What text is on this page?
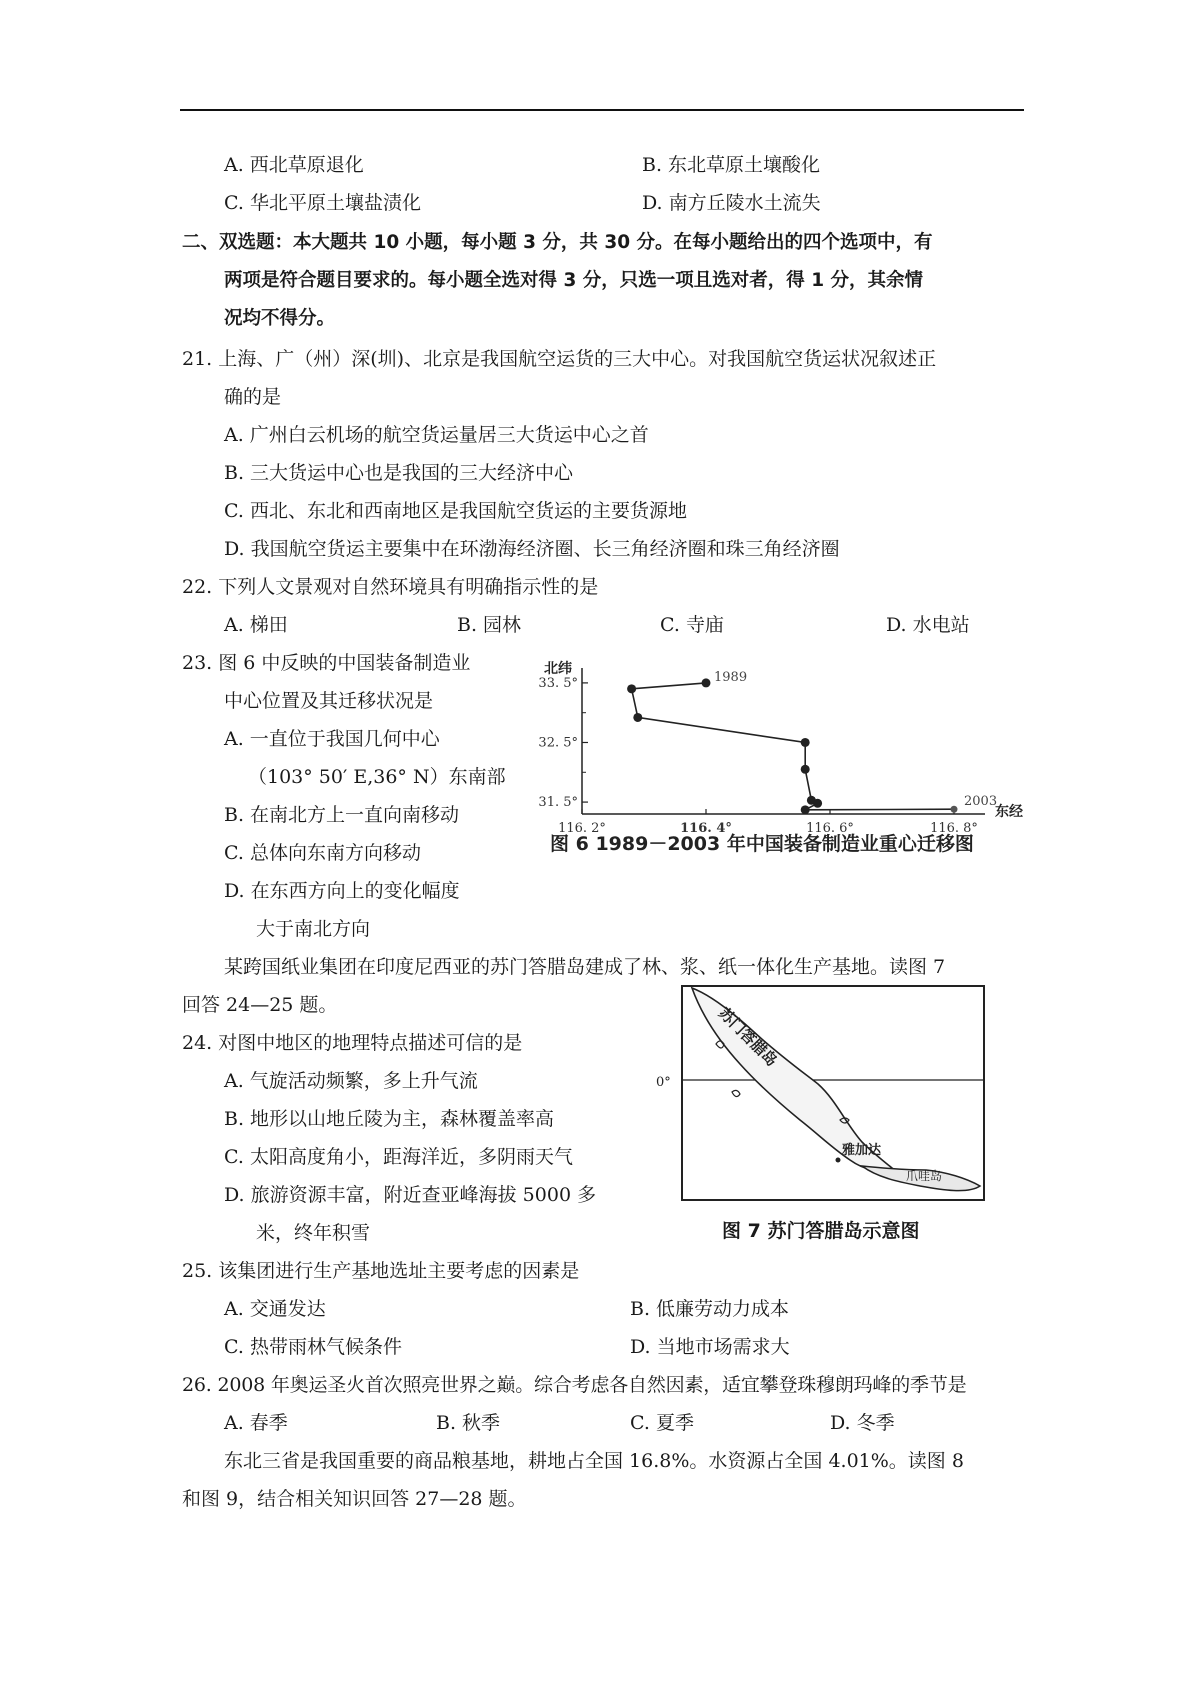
A. 西北草原退化	B. 东北草原土壤酸化
C. 华北平原土壤盐渍化	D. 南方丘陵水土流失
二、双选题：本大题共 10 小题，每小题 3 分，共 30 分。在每小题给出的四个选项中，有
两项是符合题目要求的。每小题全选对得 3 分，只选一项且选对者，得 1 分，其余情
况均不得分。
21. 上海、广（州）深(圳)、北京是我国航空运货的三大中心。对我国航空货运状况叙述正
确的是
A. 广州白云机场的航空货运量居三大货运中心之首
B. 三大货运中心也是我国的三大经济中心
C. 西北、东北和西南地区是我国航空货运的主要货源地
D. 我国航空货运主要集中在环渤海经济圈、长三角经济圈和珠三角经济圈
22. 下列人文景观对自然环境具有明确指示性的是
A. 梯田	B. 园林	C. 寺庙	D. 水电站
23. 图 6 中反映的中国装备制造业
中心位置及其迁移状况是
A. 一直位于我国几何中心
（103° 50′ E,36° N）东南部
B. 在南北方上一直向南移动
C. 总体向东南方向移动
D. 在东西方向上的变化幅度
大于南北方向
北纬
33. 5°
32. 5°
31. 5°
116. 2°	116. 4°	116. 6°	116. 8°
东经
1989
2003
图 6 1989－2003 年中国装备制造业重心迁移图
某跨国纸业集团在印度尼西亚的苏门答腊岛建成了林、浆、纸一体化生产基地。读图 7
回答 24—25 题。
24. 对图中地区的地理特点描述可信的是
A. 气旋活动频繁，多上升气流
B. 地形以山地丘陵为主，森林覆盖率高
C. 太阳高度角小，距海洋近，多阴雨天气
D. 旅游资源丰富，附近查亚峰海拔 5000 多
米，终年积雪
0°
苏门答腊岛
雅加达
爪哇岛
图 7 苏门答腊岛示意图
25. 该集团进行生产基地选址主要考虑的因素是
A. 交通发达	B. 低廉劳动力成本
C. 热带雨林气候条件	D. 当地市场需求大
26. 2008 年奥运圣火首次照亮世界之巅。综合考虑各自然因素，适宜攀登珠穆朗玛峰的季节是
A. 春季	B. 秋季	C. 夏季	D. 冬季
东北三省是我国重要的商品粮基地，耕地占全国 16.8%。水资源占全国 4.01%。读图 8
和图 9，结合相关知识回答 27—28 题。
